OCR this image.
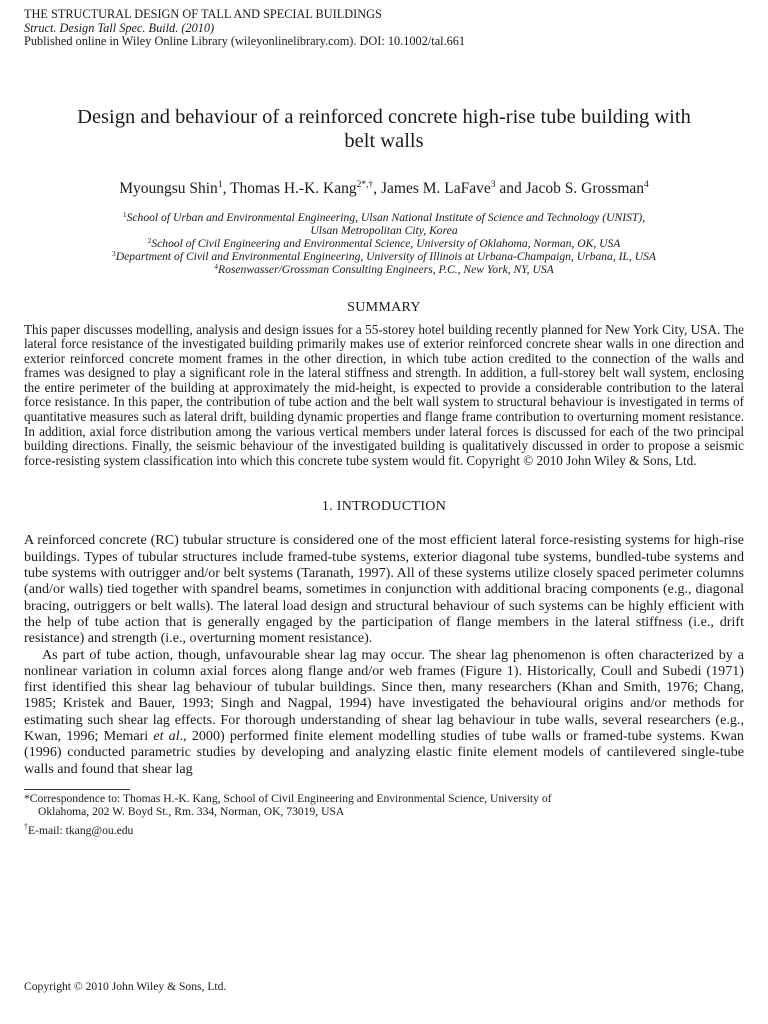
THE STRUCTURAL DESIGN OF TALL AND SPECIAL BUILDINGS
Struct. Design Tall Spec. Build. (2010)
Published online in Wiley Online Library (wileyonlinelibrary.com). DOI: 10.1002/tal.661
Design and behaviour of a reinforced concrete high-rise tube building with belt walls
Myoungsu Shin$^1$, Thomas H.-K. Kang$^{2*,\dagger}$, James M. LaFave$^3$ and Jacob S. Grossman$^4$
$^1$School of Urban and Environmental Engineering, Ulsan National Institute of Science and Technology (UNIST),
Ulsan Metropolitan City, Korea
$^2$School of Civil Engineering and Environmental Science, University of Oklahoma, Norman, OK, USA
$^3$Department of Civil and Environmental Engineering, University of Illinois at Urbana-Champaign, Urbana, IL, USA
$^4$Rosenwasser/Grossman Consulting Engineers, P.C., New York, NY, USA
SUMMARY

This paper discusses modelling, analysis and design issues for a 55-storey hotel building recently planned for New York City, USA. The lateral force resistance of the investigated building primarily makes use of exterior reinforced concrete shear walls in one direction and exterior reinforced concrete moment frames in the other direction, in which tube action credited to the connection of the walls and frames was designed to play a significant role in the lateral stiffness and strength. In addition, a full-storey belt wall system, enclosing the entire perimeter of the building at approximately the mid-height, is expected to provide a considerable contribution to the lateral force resistance. In this paper, the contribution of tube action and the belt wall system to structural behaviour is investigated in terms of quantitative measures such as lateral drift, building dynamic properties and flange frame contribution to overturning moment resistance. In addition, axial force distribution among the various vertical members under lateral forces is discussed for each of the two principal building directions. Finally, the seismic behaviour of the investigated building is qualitatively discussed in order to propose a seismic force-resisting system classification into which this concrete tube system would fit. Copyright © 2010 John Wiley & Sons, Ltd.

1. INTRODUCTION

A reinforced concrete (RC) tubular structure is considered one of the most efficient lateral force-resisting systems for high-rise buildings. Types of tubular structures include framed-tube systems, exterior diagonal tube systems, bundled-tube systems and tube systems with outrigger and/or belt systems (Taranath, 1997). All of these systems utilize closely spaced perimeter columns (and/or walls) tied together with spandrel beams, sometimes in conjunction with additional bracing components (e.g., diagonal bracing, outriggers or belt walls). The lateral load design and structural behaviour of such systems can be highly efficient with the help of tube action that is generally engaged by the participation of flange members in the lateral stiffness (i.e., drift resistance) and strength (i.e., overturning moment resistance).

As part of tube action, though, unfavourable shear lag may occur. The shear lag phenomenon is often characterized by a nonlinear variation in column axial forces along flange and/or web frames (Figure 1). Historically, Coull and Subedi (1971) first identified this shear lag behaviour of tubular buildings. Since then, many researchers (Khan and Smith, 1976; Chang, 1985; Kristek and Bauer, 1993; Singh and Nagpal, 1994) have investigated the behavioural origins and/or methods for estimating such shear lag effects. For thorough understanding of shear lag behaviour in tube walls, several researchers (e.g., Kwan, 1996; Memari et al., 2000) performed finite element modelling studies of tube walls or framed-tube systems. Kwan (1996) conducted parametric studies by developing and analyzing elastic finite element models of cantilevered single-tube walls and found that shear lag

*Correspondence to: Thomas H.-K. Kang, School of Civil Engineering and Environmental Science, University of
Oklahoma, 202 W. Boyd St., Rm. 334, Norman, OK, 73019, USA
†E-mail: tkang@ou.edu
Copyright © 2010 John Wiley & Sons, Ltd.
